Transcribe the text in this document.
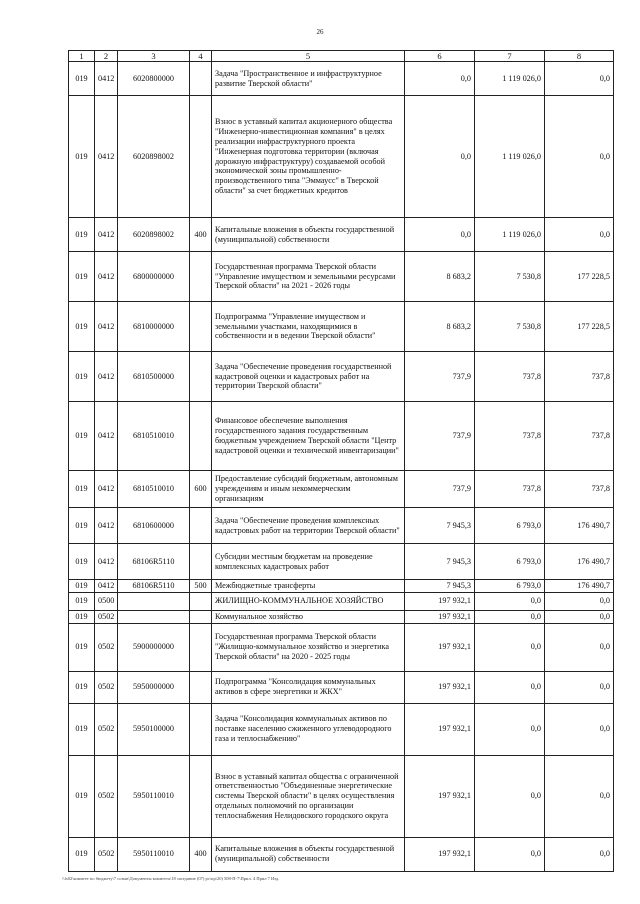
26
1	2	3	4	5	6	7	8
019	0412	6020800000		Задача "Пространственное и инфраструктурное развитие Тверской области"	0,0	1 119 026,0	0,0
019	0412	6020898002		Взнос в уставный капитал акционерного общества "Инженерно-инвестиционная компания" в целях реализации инфраструктурного проекта "Инженерная подготовка территории (включая дорожную инфраструктуру) создаваемой особой экономической зоны промышленно-производственного типа "Эммаусс" в Тверской области" за счет бюджетных кредитов	0,0	1 119 026,0	0,0
019	0412	6020898002	400	Капитальные вложения в объекты государственной (муниципальной) собственности	0,0	1 119 026,0	0,0
019	0412	6800000000		Государственная программа Тверской области "Управление имуществом и земельными ресурсами Тверской области" на 2021 - 2026 годы	8 683,2	7 530,8	177 228,5
019	0412	6810000000		Подпрограмма "Управление имуществом и земельными участками, находящимися в собственности и в ведении Тверской области"	8 683,2	7 530,8	177 228,5
019	0412	6810500000		Задача "Обеспечение проведения государственной кадастровой оценки и кадастровых работ на территории Тверской области"	737,9	737,8	737,8
019	0412	6810510010		Финансовое обеспечение выполнения государственного задания государственным бюджетным учреждением Тверской области "Центр кадастровой оценки и технической инвентаризации"	737,9	737,8	737,8
019	0412	6810510010	600	Предоставление субсидий бюджетным, автономным учреждениям и иным некоммерческим организациям	737,9	737,8	737,8
019	0412	6810600000		Задача "Обеспечение проведения комплексных кадастровых работ на территории Тверской области"	7 945,3	6 793,0	176 490,7
019	0412	68106R5110		Субсидии местным бюджетам на проведение комплексных кадастровых работ	7 945,3	6 793,0	176 490,7
019	0412	68106R5110	500	Межбюджетные трансферты	7 945,3	6 793,0	176 490,7
019	0500			ЖИЛИЩНО-КОММУНАЛЬНОЕ ХОЗЯЙСТВО	197 932,1	0,0	0,0
019	0502			Коммунальное хозяйство	197 932,1	0,0	0,0
019	0502	5900000000		Государственная программа Тверской области "Жилищно-коммунальное хозяйство и энергетика Тверской области" на 2020 - 2025 годы	197 932,1	0,0	0,0
019	0502	5950000000		Подпрограмма "Консолидация коммунальных активов в сфере энергетики и ЖКХ"	197 932,1	0,0	0,0
019	0502	5950100000		Задача "Консолидация коммунальных активов по поставке населению сжиженного углеводородного газа и теплоснабжению"	197 932,1	0,0	0,0
019	0502	5950110010		Взнос в уставный капитал общества с ограниченной ответственностью "Объединенные энергетические системы Тверской области" в целях осуществления отдельных полномочий по организации теплоснабжения Нелидовского городского округа	197 932,1	0,0	0,0
019	0502	5950110010	400	Капитальные вложения в объекты государственной (муниципальной) собственности	197 932,1	0,0	0,0
\\fs02\комитет по бюджету\7 созыв\Документы комитета\18 заседание (07) рс\пр\20) 508-П-7\Прил. 4 Прил 7 Изд.
